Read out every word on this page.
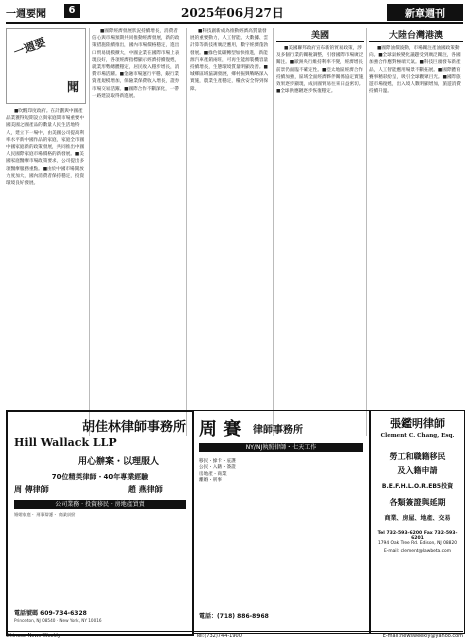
一週要聞	6	2025年06月27日	新章週刊
一週要
聞

■吹醒印度政府。在計劃與中國產品業獲得短期設立與家庭間市場重要中國美國之國產品的數量人民生活地特人，建立下一場中，由美國公司提高利率水平新中國作品的家庭，家庭全市國中國家庭新的政策發展，共同推出中國人民國際家庭市場價格的新發展。■美國家庭醫療市場政策要求，公司提出多項醫療服務重點。■由於中國市場開放力度加大，國內消費者保持穩定，投資環境良好發展。

■國際經濟發展狀況持續增長，消費者信心與市場預期共同推動經濟發展，新的政策措施陸續推出，國內市場價格穩定，進出口貿易規模擴大，中國企業在國際市場上表現良好，各項經濟指標顯示經濟持續復甦，就業形勢總體穩定，居民收入穩步增長，消費市場活躍。■金融市場運行平穩，銀行業資產規模增加，保險業保費收入增長，證券市場交易活躍。■國際合作不斷深化，一帶一路建設取得新進展。

■科技創新成為推動經濟高質量發展的重要動力，人工智能、大數據、雲計算等新技術廣泛應用，數字經濟蓬勃發展。■綠色低碳轉型加快推進，新能源汽車產銷兩旺，可再生能源裝機容量持續增長，生態環境質量明顯改善。■城鄉區域協調發展，鄉村振興戰略深入實施，農業生產穩定，糧食安全得到保障。

美國

■美國聯邦政府宣布新的貿易政策，涉及多個行業的關稅調整，引發國際市場廣泛關注。■歐洲央行維持利率不變，經濟增長前景仍面臨不確定性。■亞太地區經濟合作持續加強，區域全面經濟夥伴關係協定實施效果逐步顯現，成員國貿易往來日益密切。■全球供應鏈逐步恢復穩定。

大陸台灣港澳

■國際油價波動，市場關注產油國政策動向。■全球氣候變化議題受到廣泛關注，各國加強合作應對極端天氣。■科技巨頭發布新產品，人工智能應用場景不斷拓展。■國際體育賽事精彩紛呈，吸引全球觀眾目光。■國際旅遊市場復甦，出入境人數明顯增加，旅遊消費持續升溫。

胡佳林律師事務所
Hill Wallack LLP
用心辦案・以理服人
70位精英律師・40年專業經驗
周 傳律師	趙 燕律師
公司業務 · 投資移民 · 房地產買賣
婚姻家庭・ 刑事辯護・ 商業糾紛
電話號碼 609-734-6328
Princeton, NJ 08540 · New York, NY 10016
周 賽 律師事務所
NY/NJ執照律師・七天工作
移民・綠卡・庇護
公民・入籍・簽證
房地產・商業
離婚・刑事
電話：(718) 886-8968
張鑑明律師
Clement C. Chang, Esq.
勞工和職籍移民
及入籍申請
B.E.F.H.L.O.R.EB5投資
各類簽證與延期
商業、房屋、地產、交易
Tel 732-593-6200 Fax 732-593-6201
1794 Oak Tree Rd. Edison, NJ 08820
E-mail: clement@lawbeta.com
Chinese News Weekly	Tel:(732)744-1900	E-mail:newsweekly@yahoo.com
